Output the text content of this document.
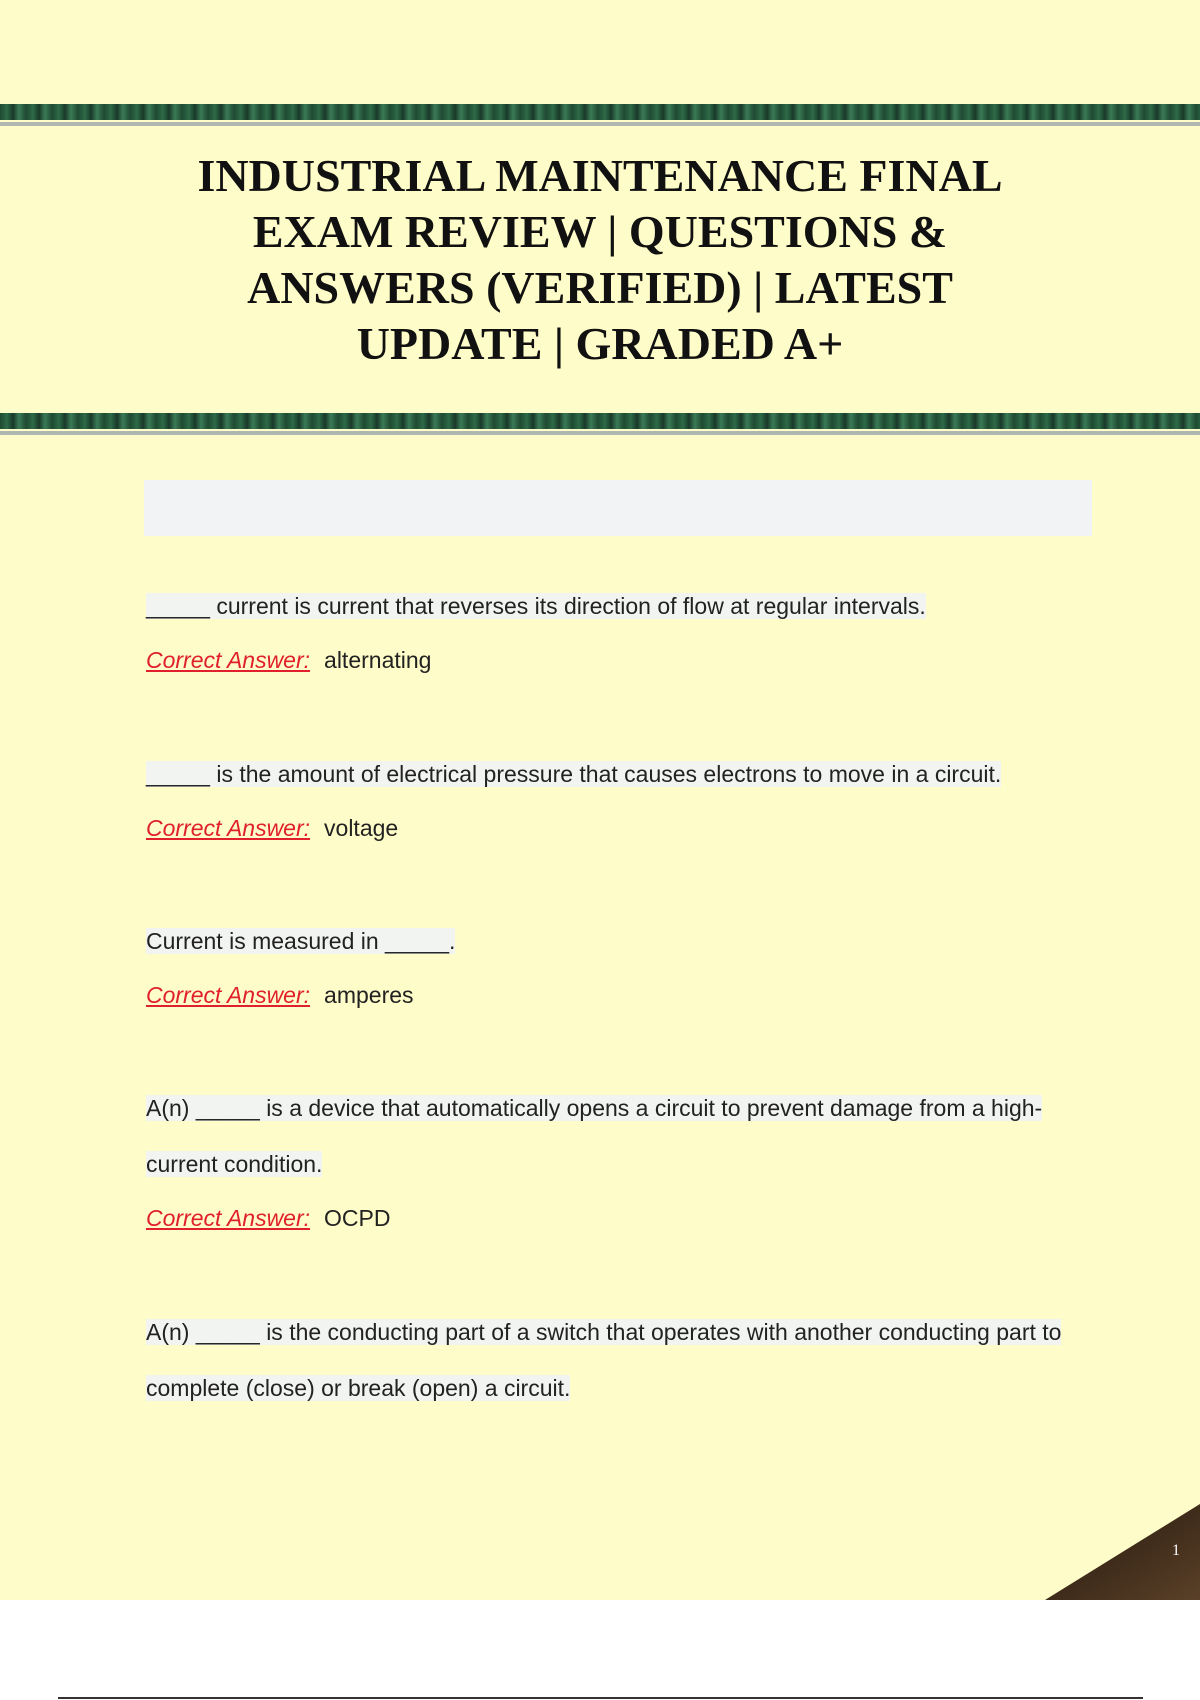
INDUSTRIAL MAINTENANCE FINAL EXAM REVIEW | QUESTIONS & ANSWERS (VERIFIED) | LATEST UPDATE | GRADED A+

_____ current is current that reverses its direction of flow at regular intervals.

Correct Answer: alternating

_____ is the amount of electrical pressure that causes electrons to move in a circuit.

Correct Answer: voltage

Current is measured in _____.

Correct Answer: amperes

A(n) _____ is a device that automatically opens a circuit to prevent damage from a high-current condition.

Correct Answer: OCPD

A(n) _____ is the conducting part of a switch that operates with another conducting part to complete (close) or break (open) a circuit.

1
